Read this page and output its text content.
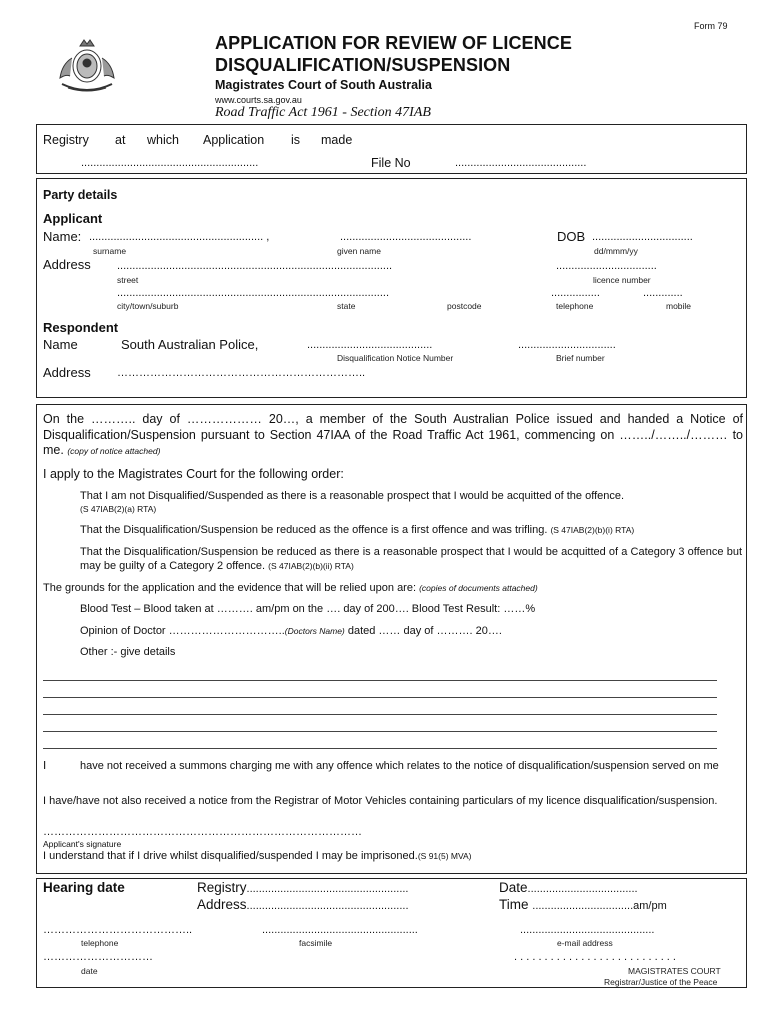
Form 79
APPLICATION FOR REVIEW OF LICENCE
DISQUALIFICATION/SUSPENSION
Magistrates Court of South Australia
www.courts.sa.gov.au
Road Traffic Act 1961 - Section 47IAB
Registry at which Application is made
..........................................................	File No	...........................................
Party details
Applicant
Name: ......................................................... ,	...........................................	DOB .................................
surname	given name	dd/mmm/yy
Address ..........................................................................................	.................................
street	licence number
.........................................................................................	................	.............
city/town/suburb	state	postcode	telephone	mobile
Respondent
Name	South Australian Police,	.........................................	................................
Disqualification Notice Number	Brief number
Address …………………………………………………………..
On the ……….. day of ……………… 20…, a member of the South Australian Police issued and handed a Notice of Disqualification/Suspension pursuant to Section 47IAA of the Road Traffic Act 1961, commencing on ……../……../……… to me. (copy of notice attached)
I apply to the Magistrates Court for the following order:
That I am not Disqualified/Suspended as there is a reasonable prospect that I would be acquitted of the offence.
(S 47IAB(2)(a) RTA)
That the Disqualification/Suspension be reduced as the offence is a first offence and was trifling. (S 47IAB(2)(b)(i) RTA)
That the Disqualification/Suspension be reduced as there is a reasonable prospect that I would be acquitted of a Category 3 offence but may be guilty of a Category 2 offence. (S 47IAB(2)(b)(ii) RTA)
The grounds for the application and the evidence that will be relied upon are: (copies of documents attached)
Blood Test – Blood taken at ………. am/pm on the …. day of 200…. Blood Test Result: ……%
Opinion of Doctor …………………………..(Doctors Name) dated …… day of ………. 20….
Other :- give details
I	have not received a summons charging me with any offence which relates to the notice of disqualification/suspension served on me
I have/have not also received a notice from the Registrar of Motor Vehicles containing particulars of my licence disqualification/suspension.
……………………………………………………………………………
Applicant's signature
I understand that if I drive whilst disqualified/suspended I may be imprisoned.(S 91(5) MVA)
Hearing date	Registry.....................................................
Address.....................................................
Date....................................
Time .................................am/pm
…………………………………..	...................................................	............................................
telephone	facsimile	e-mail address
…………………………	. . . . . . . . . . . . . . . . . . . . . . . . . . .
date	MAGISTRATES COURT
Registrar/Justice of the Peace
